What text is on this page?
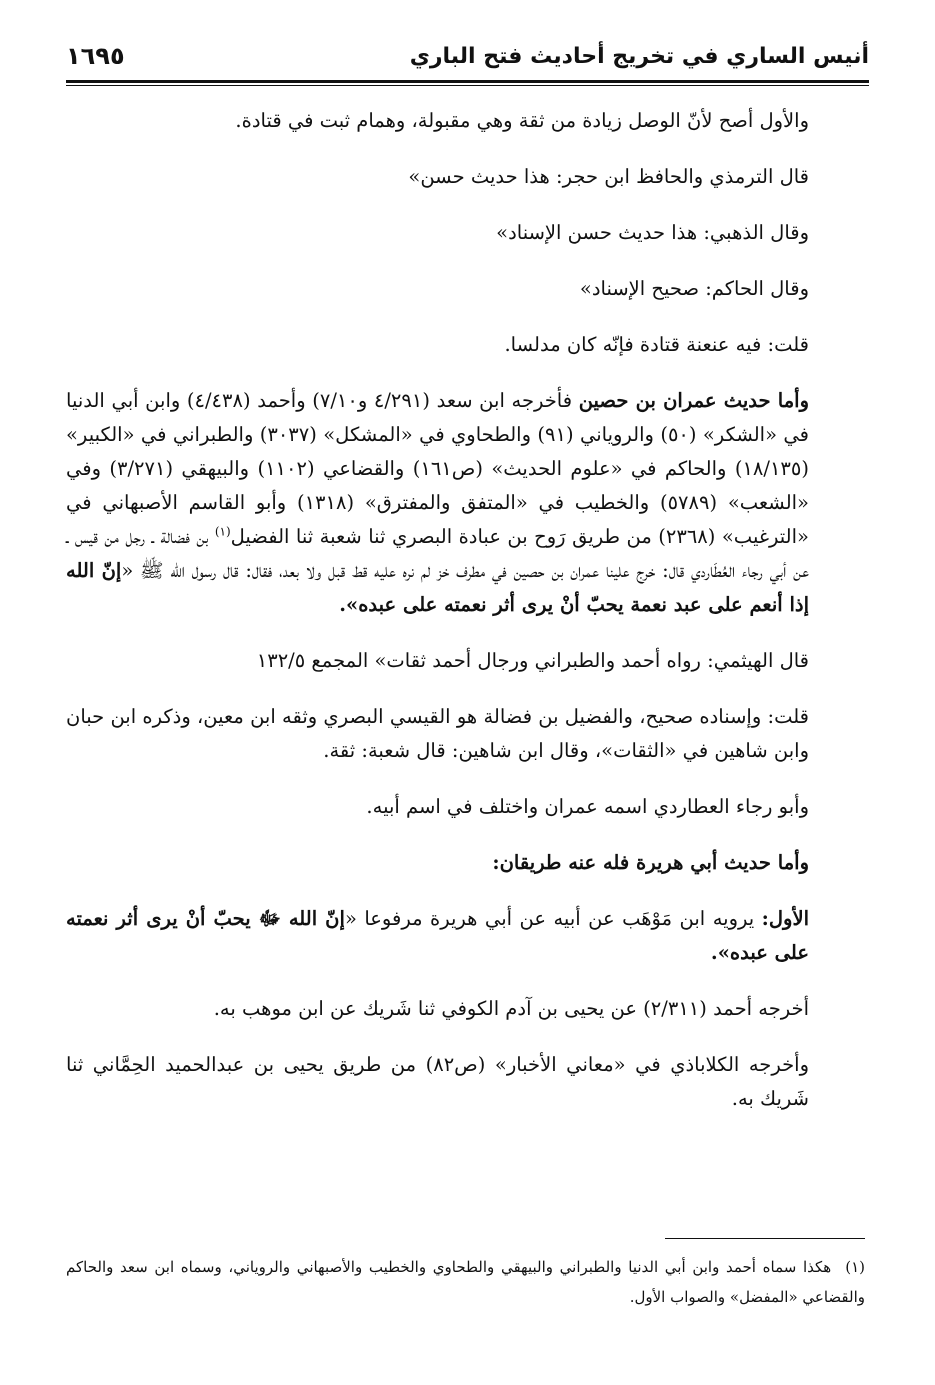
أنيس الساري في تخريج أحاديث فتح الباري
١٦٩٥

والأول أصح لأنّ الوصل زيادة من ثقة وهي مقبولة، وهمام ثبت في قتادة.

قال الترمذي والحافظ ابن حجر: هذا حديث حسن»

وقال الذهبي: هذا حديث حسن الإسناد»

وقال الحاكم: صحيح الإسناد»

قلت: فيه عنعنة قتادة فإنّه كان مدلسا.

وأما حديث عمران بن حصين فأخرجه ابن سعد (٤/٢٩١ و٧/١٠) وأحمد (٤/٤٣٨) وابن أبي الدنيا في «الشكر» (٥٠) والروياني (٩١) والطحاوي في «المشكل» (٣٠٣٧) والطبراني في «الكبير» (١٨/١٣٥) والحاكم في «علوم الحديث» (ص١٦١) والقضاعي (١١٠٢) والبيهقي (٣/٢٧١) وفي «الشعب» (٥٧٨٩) والخطيب في «المتفق والمفترق» (١٣١٨) وأبو القاسم الأصبهاني في «الترغيب» (٢٣٦٨) من طريق رَوح بن عبادة البصري ثنا شعبة ثنا الفضيل$^{(١)}$ بن فضالة ـ رجل من قيس ـ عن أبي رجاء العُطَاردي قال: خرج علينا عمران بن حصين في مطرف خز لم نره عليه قط قبل ولا بعد، فقال: قال رسول الله ﷺ «إنّ الله إذا أنعم على عبد نعمة يحبّ أنْ يرى أثر نعمته على عبده».

قال الهيثمي: رواه أحمد والطبراني ورجال أحمد ثقات» المجمع ١٣٢/٥

قلت: وإسناده صحيح، والفضيل بن فضالة هو القيسي البصري وثقه ابن معين، وذكره ابن حبان وابن شاهين في «الثقات»، وقال ابن شاهين: قال شعبة: ثقة.

وأبو رجاء العطاردي اسمه عمران واختلف في اسم أبيه.

وأما حديث أبي هريرة فله عنه طريقان:

الأول: يرويه ابن مَوْهَب عن أبيه عن أبي هريرة مرفوعا «إنّ الله ﷻ يحبّ أنْ يرى أثر نعمته على عبده».

أخرجه أحمد (٢/٣١١) عن يحيى بن آدم الكوفي ثنا شَريك عن ابن موهب به.

وأخرجه الكلاباذي في «معاني الأخبار» (ص٨٢) من طريق يحيى بن عبدالحميد الحِمَّاني ثنا شَريك به.

(١)هكذا سماه أحمد وابن أبي الدنيا والطبراني والبيهقي والطحاوي والخطيب والأصبهاني والروياني، وسماه ابن سعد والحاكم والقضاعي «المفضل» والصواب الأول.
